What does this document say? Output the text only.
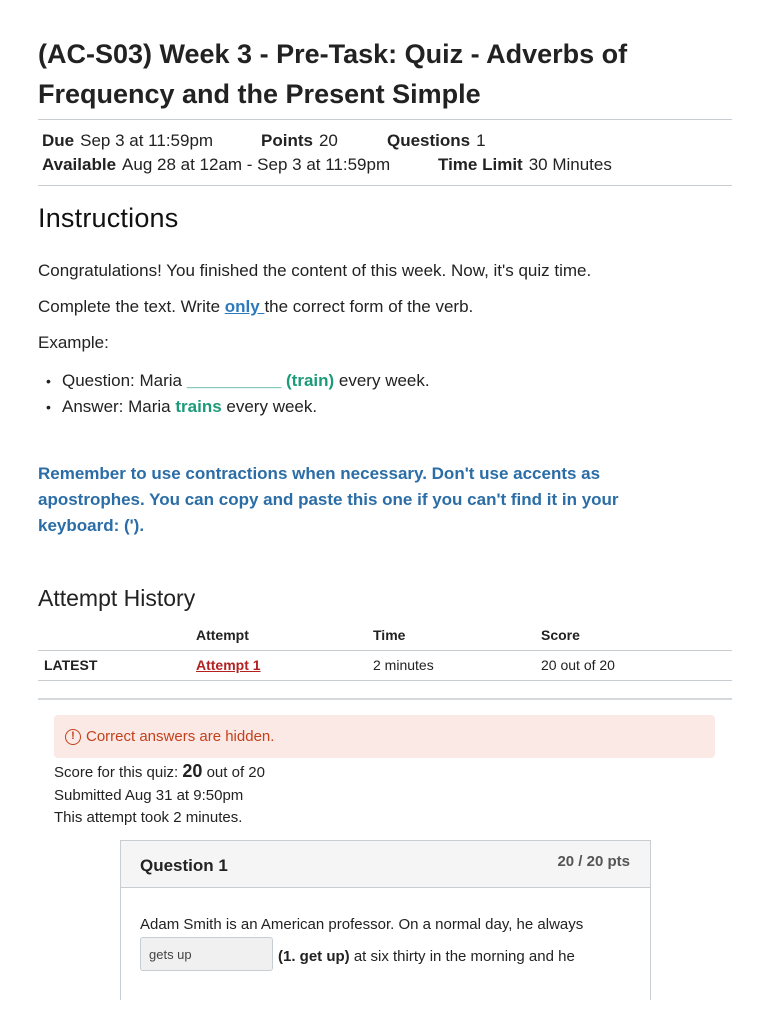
(AC-S03) Week 3 - Pre-Task: Quiz - Adverbs of Frequency and the Present Simple
Due Sep 3 at 11:59pm	Points 20	Questions 1
Available Aug 28 at 12am - Sep 3 at 11:59pm	Time Limit 30 Minutes
Instructions
Congratulations! You finished the content of this week. Now, it's quiz time.
Complete the text. Write only the correct form of the verb.
Example:
• Question: Maria __________ (train) every week.
• Answer: Maria trains every week.
Remember to use contractions when necessary. Don't use accents as apostrophes. You can copy and paste this one if you can't find it in your keyboard: (').
Attempt History
	Attempt	Time	Score
LATEST	Attempt 1	2 minutes	20 out of 20
! Correct answers are hidden.
Score for this quiz: 20 out of 20
Submitted Aug 31 at 9:50pm
This attempt took 2 minutes.
Question 1	20 / 20 pts
Adam Smith is an American professor. On a normal day, he always
gets up	(1. get up) at six thirty in the morning and he
